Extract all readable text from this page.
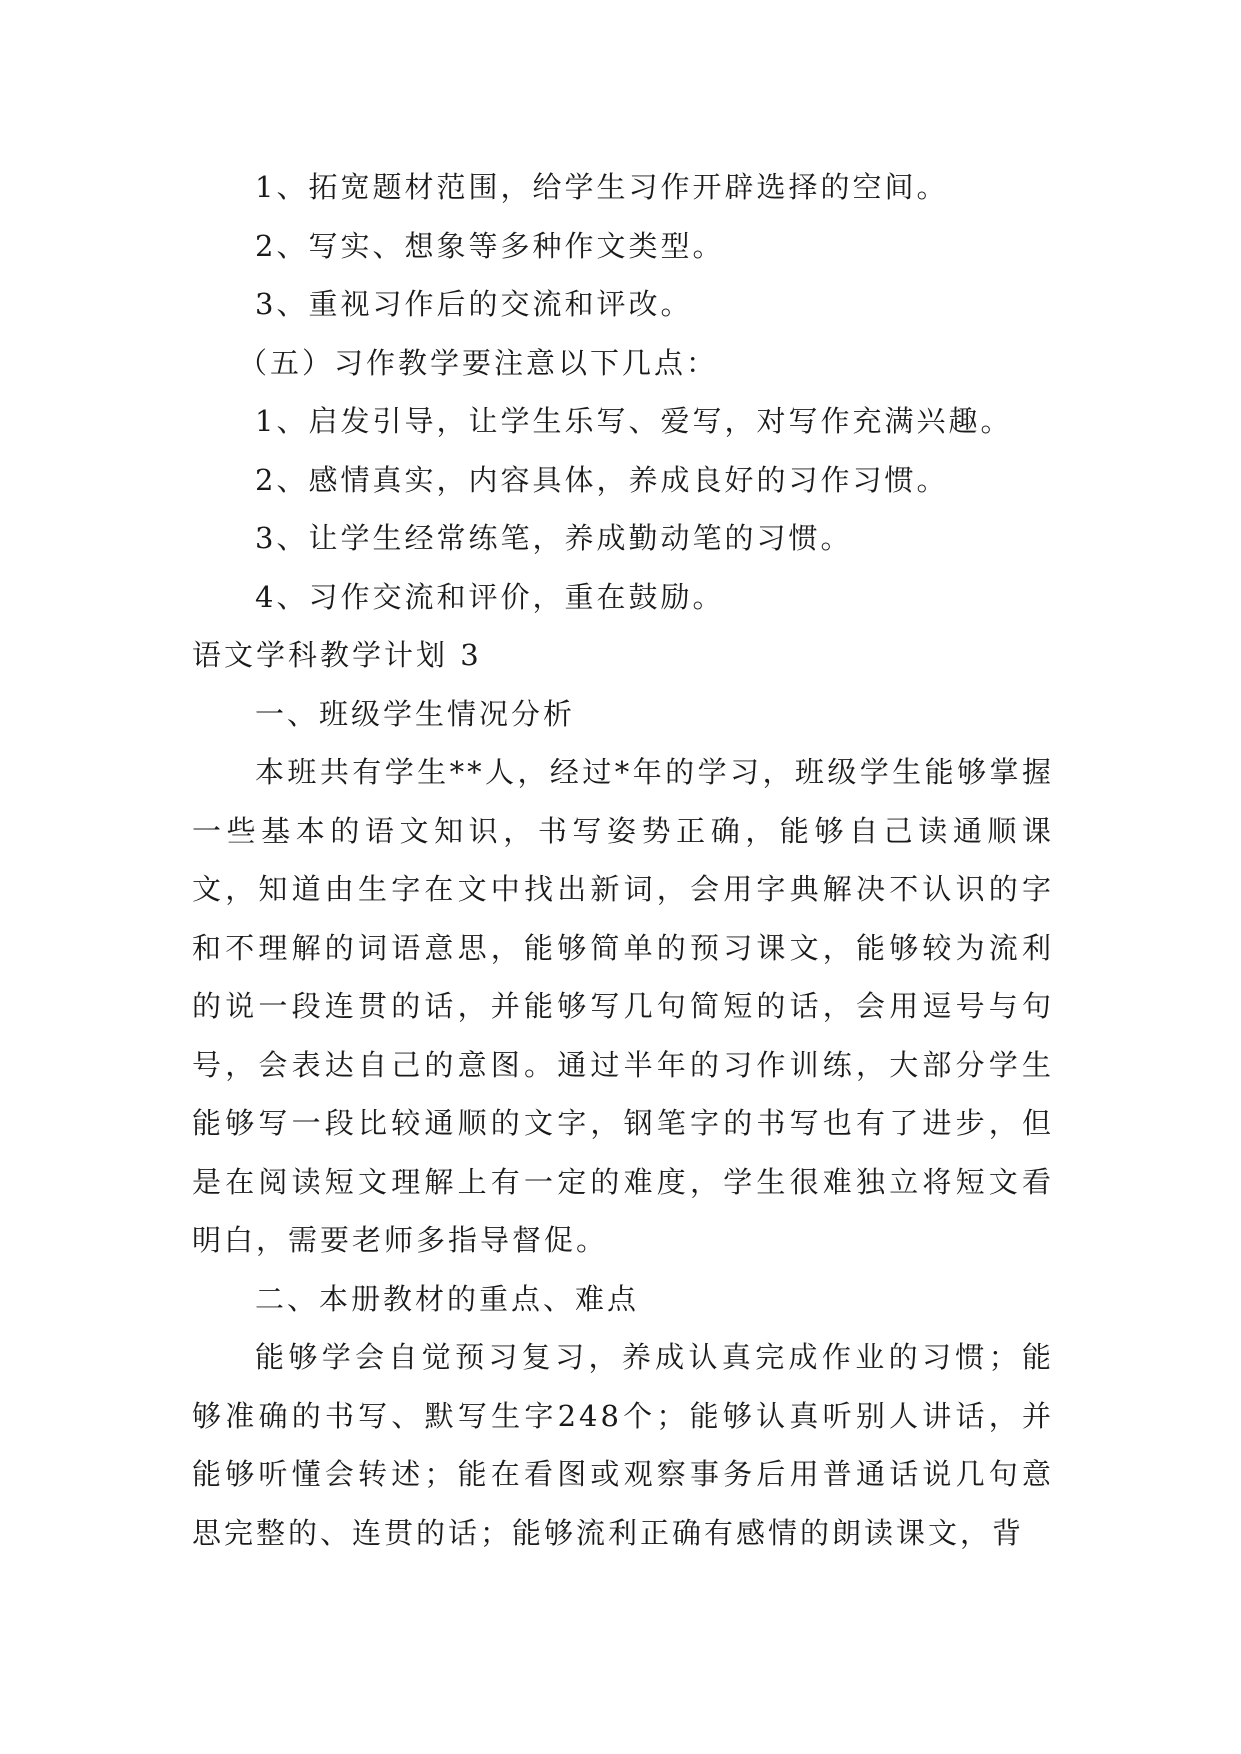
1、拓宽题材范围，给学生习作开辟选择的空间。
2、写实、想象等多种作文类型。
3、重视习作后的交流和评改。
（五）习作教学要注意以下几点：
1、启发引导，让学生乐写、爱写，对写作充满兴趣。
2、感情真实，内容具体，养成良好的习作习惯。
3、让学生经常练笔，养成勤动笔的习惯。
4、习作交流和评价，重在鼓励。
语文学科教学计划 3
一、班级学生情况分析

本班共有学生**人，经过*年的学习，班级学生能够掌握一些基本的语文知识，书写姿势正确，能够自己读通顺课文，知道由生字在文中找出新词，会用字典解决不认识的字和不理解的词语意思，能够简单的预习课文，能够较为流利的说一段连贯的话，并能够写几句简短的话，会用逗号与句号，会表达自己的意图。通过半年的习作训练，大部分学生能够写一段比较通顺的文字，钢笔字的书写也有了进步，但是在阅读短文理解上有一定的难度，学生很难独立将短文看明白，需要老师多指导督促。

二、本册教材的重点、难点

能够学会自觉预习复习，养成认真完成作业的习惯；能够准确的书写、默写生字248个；能够认真听别人讲话，并能够听懂会转述；能在看图或观察事务后用普通话说几句意思完整的、连贯的话；能够流利正确有感情的朗读课文，背
